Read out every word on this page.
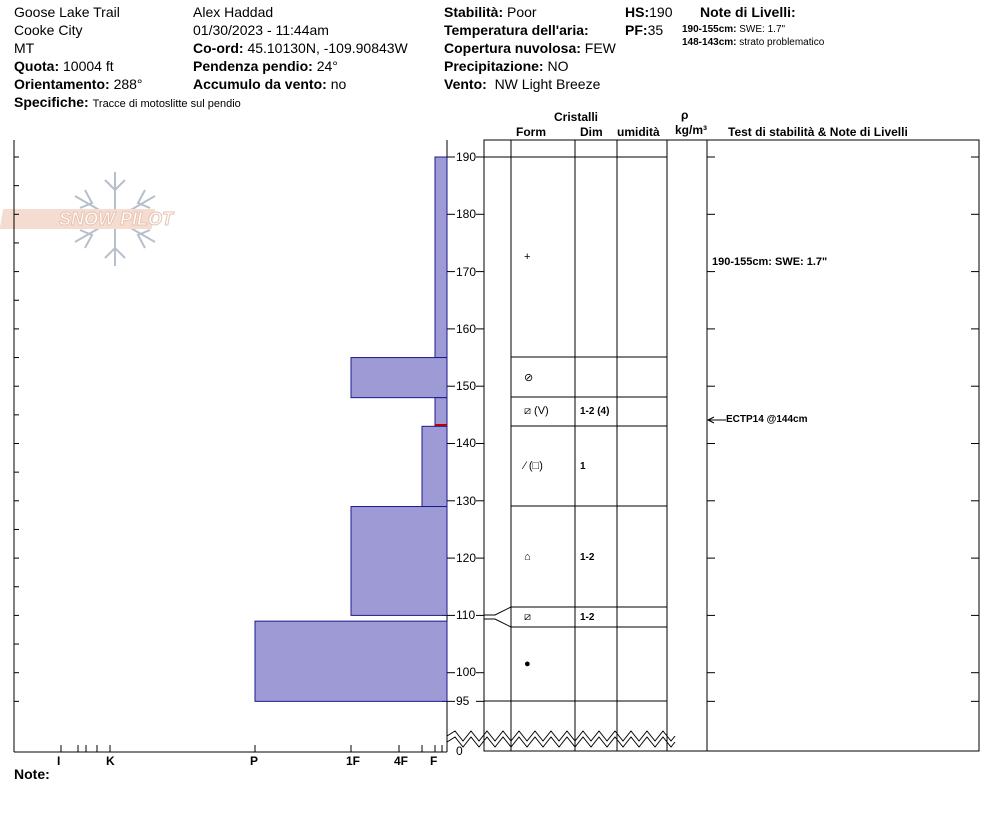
Goose Lake Trail
Cooke City
MT
Quota: 10004 ft
Orientamento: 288°
Specifiche: Tracce di motoslitte sul pendio
Alex Haddad
01/30/2023 - 11:44am
Co-ord: 45.10130N, -109.90843W
Pendenza pendio: 24°
Accumulo da vento: no
Stabilità: Poor
Temperatura dell'aria:
Copertura nuvolosa: FEW
Precipitazione: NO
Vento: NW Light Breeze
HS:190
PF:35
Note di Livelli:
190-155cm: SWE: 1.7"
148-143cm: strato problematico
Cristalli
Form	Dim umidità
ρ
kg/m³ Test di stabilità & Note di Livelli
SNOW PILOT
I	K	P	1F	4F F
190
180
170
160
150
140
130
120
110
100
95
0
+
⊘
⧄ (V)	1-2 (4)
⁄ (□)	1
⌂	1-2
⧄	1-2
●
190-155cm: SWE: 1.7"
ECTP14 @144cm
Note:
